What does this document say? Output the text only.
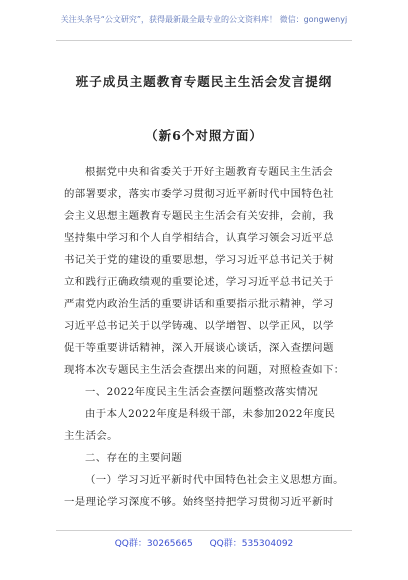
关注头条号“公文研究”，获得最新最全最专业的公文资料库！ 微信：gongwenyj
班子成员主题教育专题民主生活会发言提纲
（新6个对照方面）
根据党中央和省委关于开好主题教育专题民主生活会
的部署要求，落实市委学习贯彻习近平新时代中国特色社
会主义思想主题教育专题民主生活会有关安排，会前，我
坚持集中学习和个人自学相结合，认真学习领会习近平总
书记关于党的建设的重要思想，学习习近平总书记关于树
立和践行正确政绩观的重要论述，学习习近平总书记关于
严肃党内政治生活的重要讲话和重要指示批示精神，学习
习近平总书记关于以学铸魂、以学增智、以学正风，以学
促干等重要讲话精神，深入开展谈心谈话，深入查摆问题
现将本次专题民主生活会查摆出来的问题，对照检查如下：
一、2022年度民主生活会查摆问题整改落实情况
由于本人2022年度是科级干部，未参加2022年度民
主生活会。
二、存在的主要问题
（一）学习习近平新时代中国特色社会主义思想方面。
一是理论学习深度不够。始终坚持把学习贯彻习近平新时
QQ群：30265665 QQ群：535304092
